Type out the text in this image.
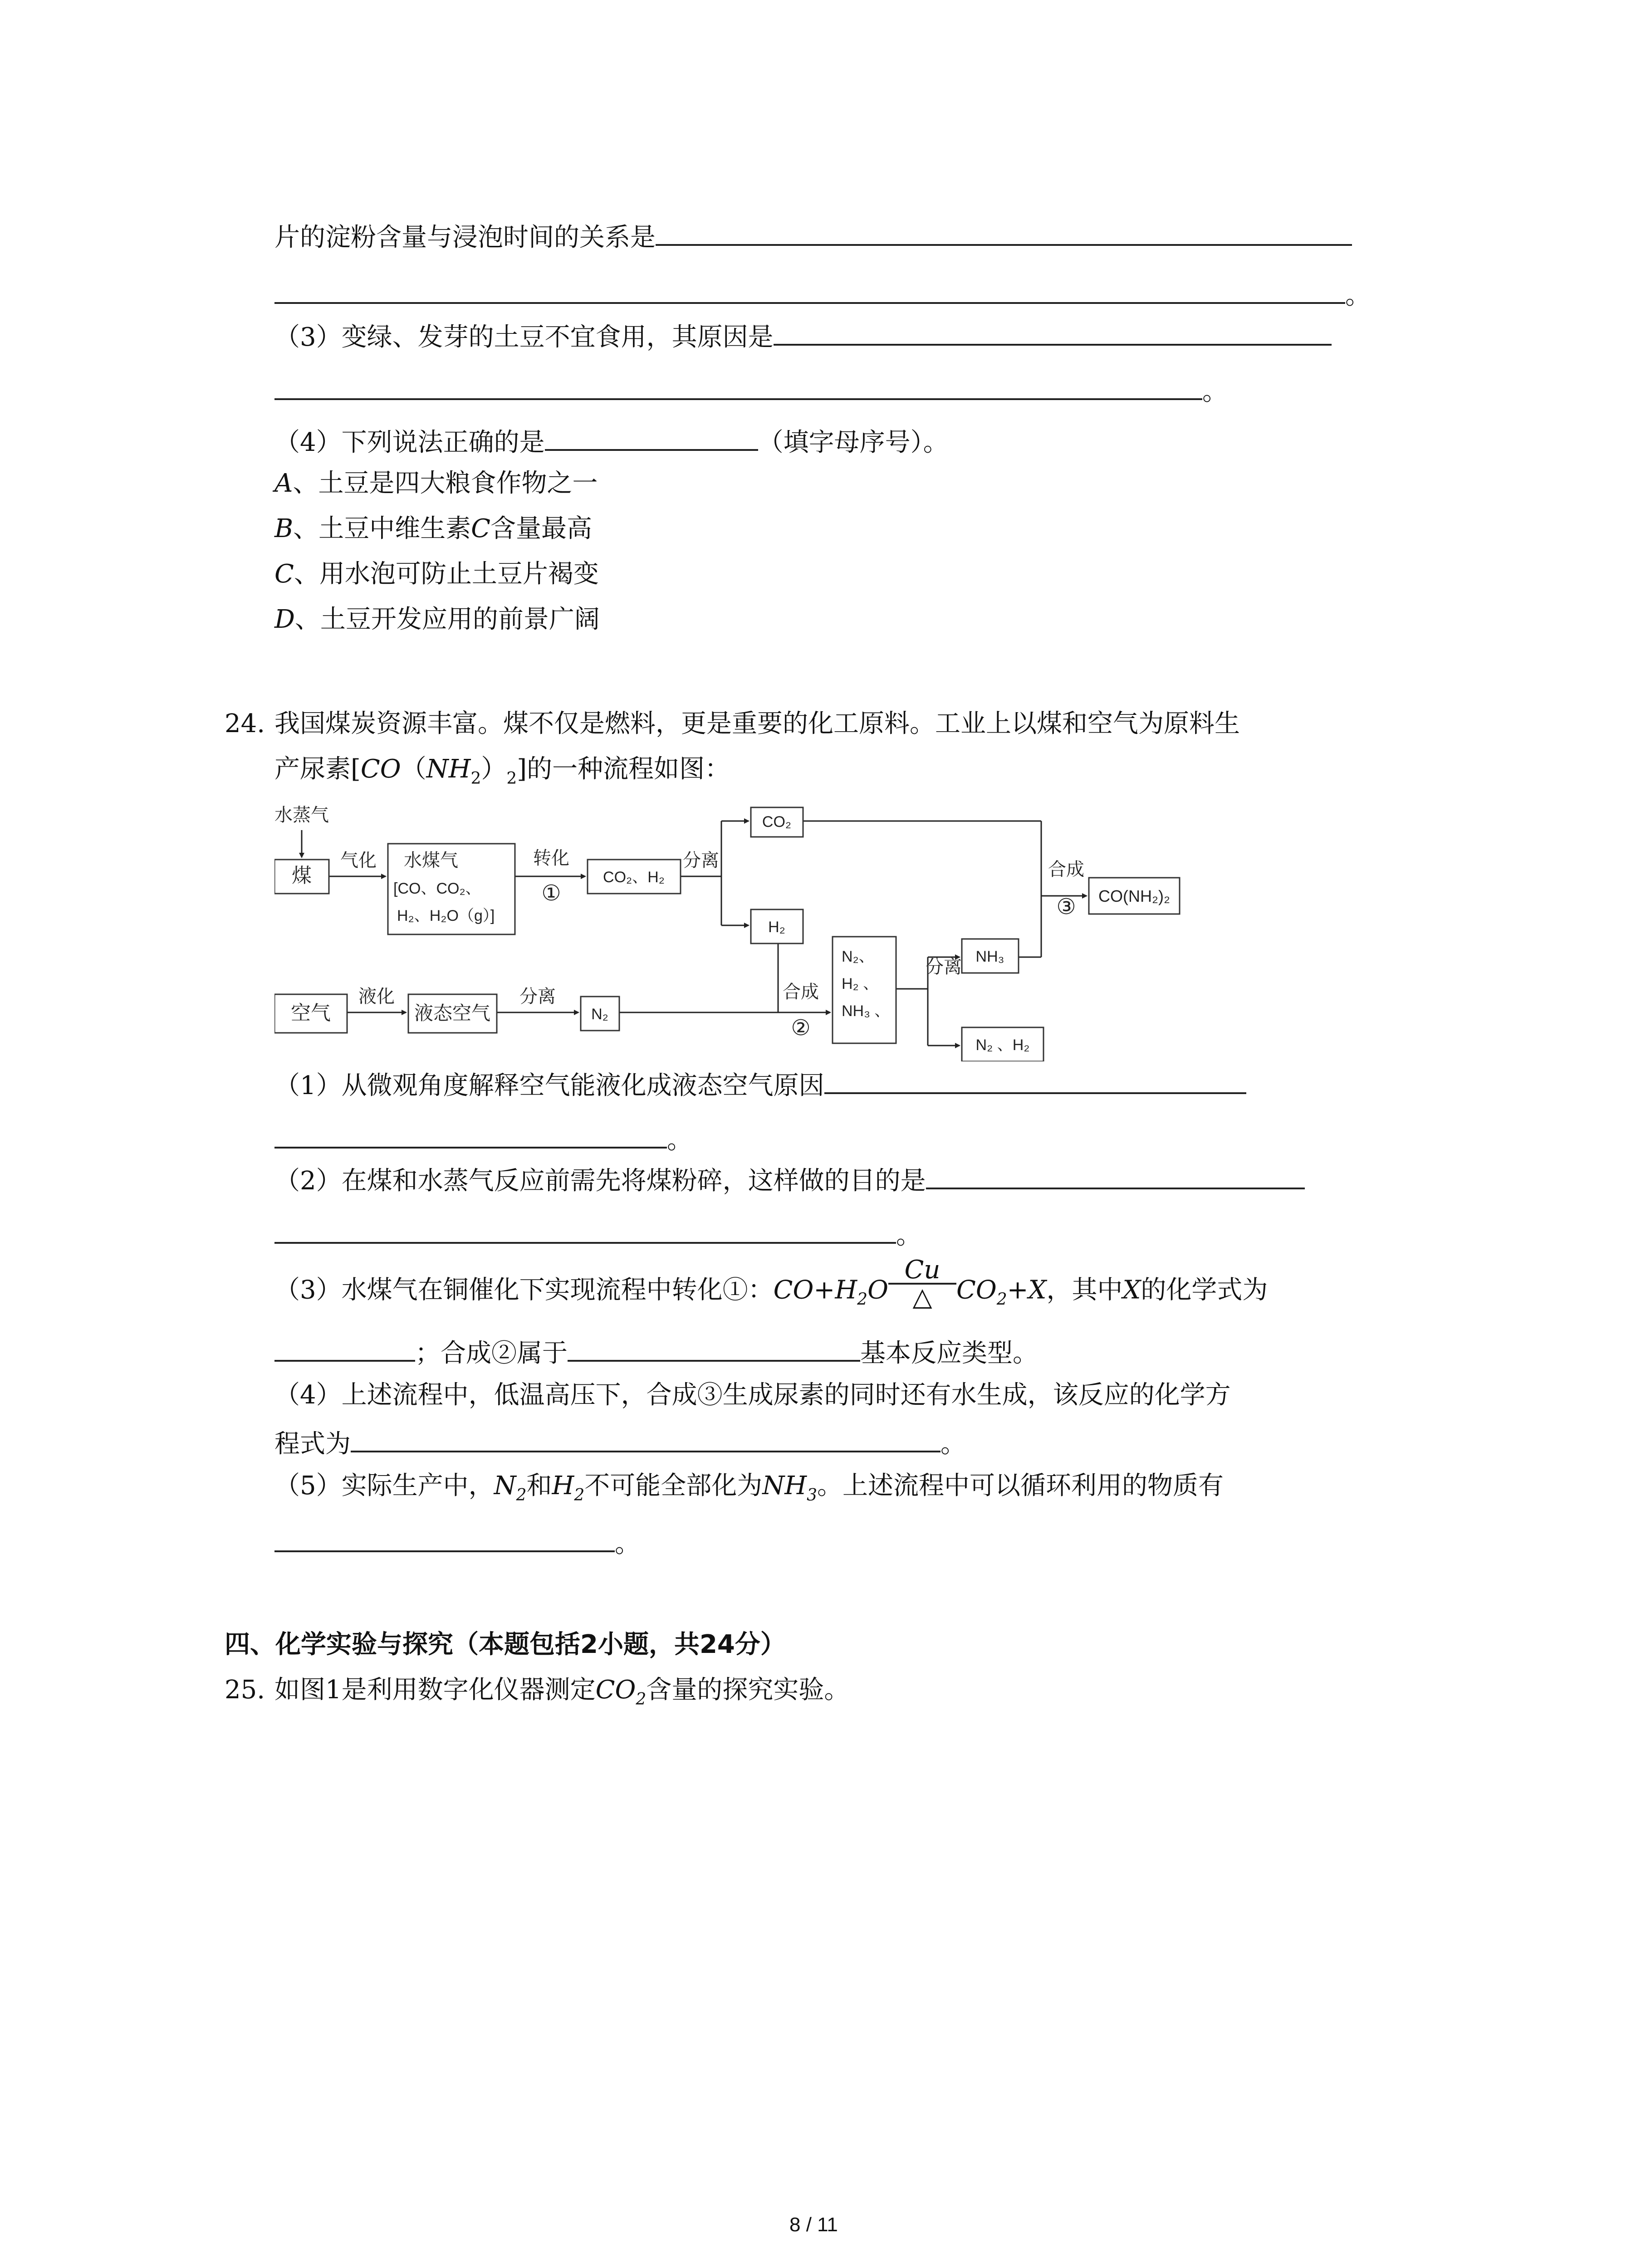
片的淀粉含量与浸泡时间的关系是
。
（3）变绿、发芽的土豆不宜食用，其原因是
。
（4）下列说法正确的是	（填字母序号）。
A、土豆是四大粮食作物之一
B、土豆中维生素C含量最高
C、用水泡可防止土豆片褐变
D、土豆开发应用的前景广阔
24. 我国煤炭资源丰富。煤不仅是燃料，更是重要的化工原料。工业上以煤和空气为原料生
产尿素$[CO(NH_2)_2]$的一种流程如图：
水蒸气
煤
气化 水煤气
[CO、CO₂、
H₂、H₂O（g）]
转化
①
CO₂、H₂
分离
CO₂
H₂
空气
液化
液态空气
分离
N₂
合成
②
N₂、
H₂ 、
NH₃ 、
分离
NH₃
N₂ 、H₂
合成
③ CO(NH₂)₂
（1）从微观角度解释空气能液化成液态空气原因
。
（2）在煤和水蒸气反应前需先将煤粉碎，这样做的目的是
。
（3）水煤气在铜催化下实现流程中转化①：$CO+H_2O \frac{Cu}{\triangle} CO_2+X$，其中X的化学式为
；合成②属于	基本反应类型。
（4）上述流程中，低温高压下，合成③生成尿素的同时还有水生成，该反应的化学方
程式为	。
（5）实际生产中，$N_2$和$H_2$不可能全部化为$NH_3$。上述流程中可以循环利用的物质有
。
四、化学实验与探究（本题包括2小题，共24分）
25. 如图1是利用数字化仪器测定$CO_2$含量的探究实验。
8 / 11
